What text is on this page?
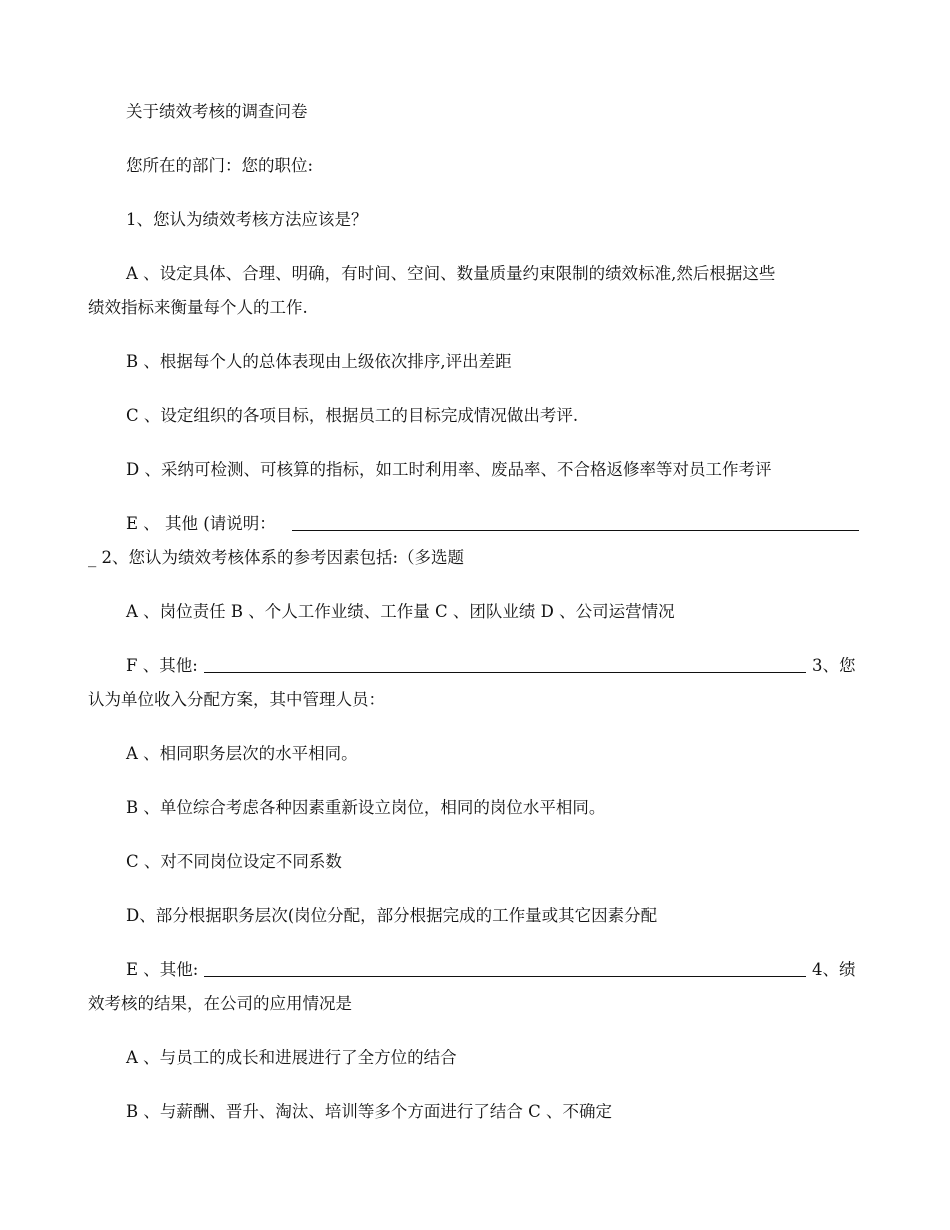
关于绩效考核的调查问卷
您所在的部门：您的职位:
1、您认为绩效考核方法应该是？
A 、设定具体、合理、明确，有时间、空间、数量质量约束限制的绩效标准,然后根据这些
绩效指标来衡量每个人的工作.
B 、根据每个人的总体表现由上级依次排序,评出差距
C 、设定组织的各项目标，根据员工的目标完成情况做出考评.
D 、采纳可检测、可核算的指标，如工时利用率、废品率、不合格返修率等对员工作考评
E 、 其他 (请说明：
_ 2、您认为绩效考核体系的参考因素包括:（多选题
A 、岗位责任 B 、个人工作业绩、工作量 C 、团队业绩 D 、公司运营情况
F 、其他:	3、您
认为单位收入分配方案，其中管理人员：
A 、相同职务层次的水平相同。
B 、单位综合考虑各种因素重新设立岗位，相同的岗位水平相同。
C 、对不同岗位设定不同系数
D、部分根据职务层次(岗位分配，部分根据完成的工作量或其它因素分配
E 、其他:	4、绩
效考核的结果，在公司的应用情况是
A 、与员工的成长和进展进行了全方位的结合
B 、与薪酬、晋升、淘汰、培训等多个方面进行了结合 C 、不确定
